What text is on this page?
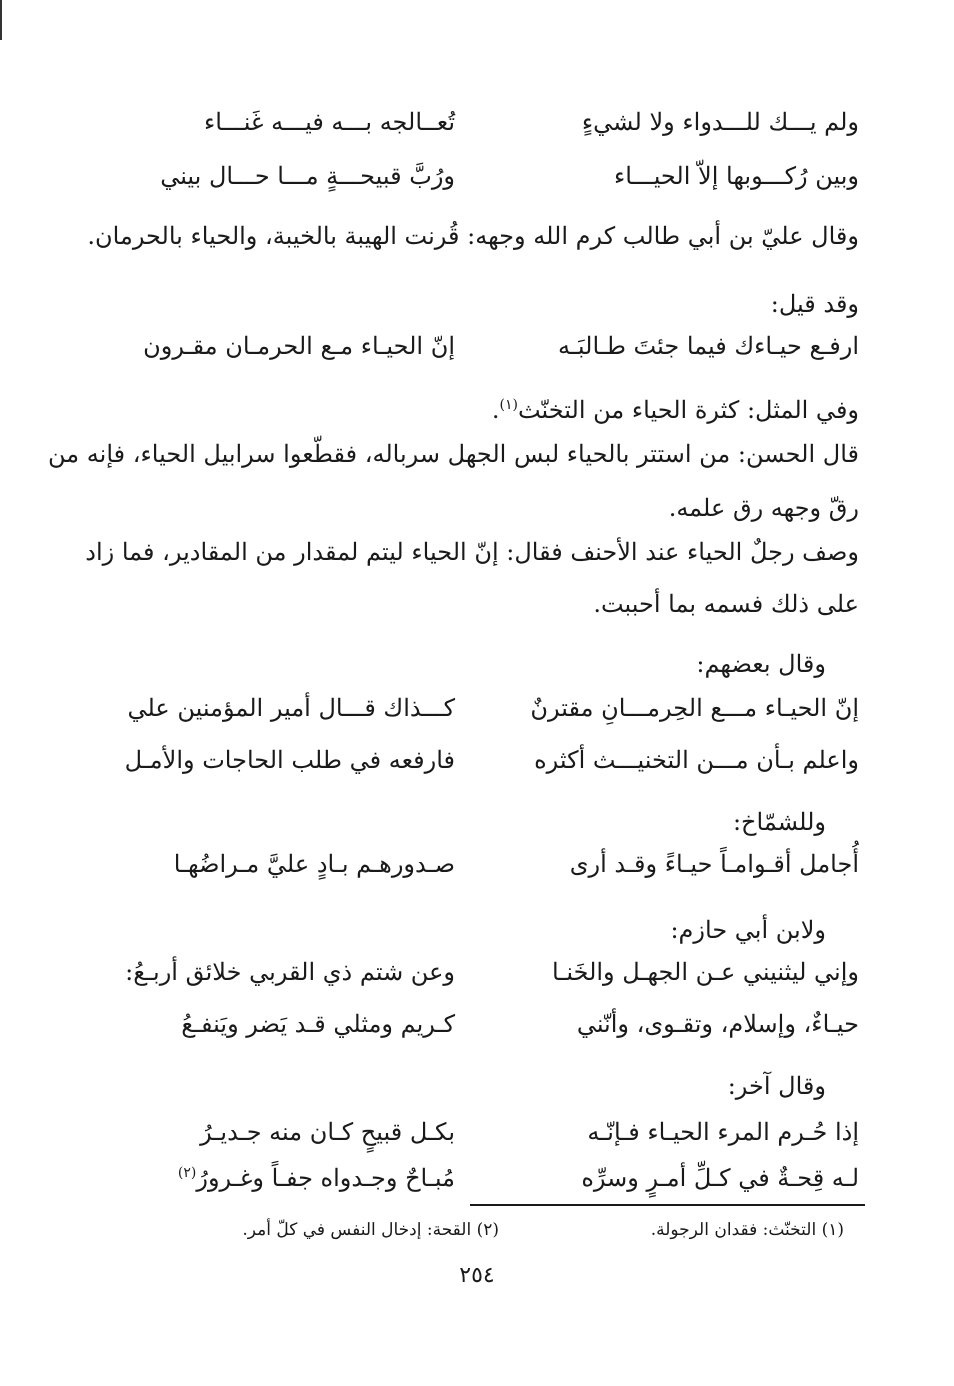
ولم يـــك للـــدواء ولا لشيءٍ
تُعــالجه بـــه فيـــه غَنـــاء
وبين رُكـــوبها إلاّ الحيـــاء
ورُبَّ قبيحـــةٍ مـــا حـــال بيني
وقال عليّ بن أبي طالب كرم الله وجهه: قُرنت الهيبة بالخيبة، والحياء بالحرمان.
وقد قيل:
ارفـع حيـاءك فيما جئتَ طـالبَـه
إنّ الحيـاء مـع الحرمـان مقـرون
وفي المثل: كثرة الحياء من التخنّث$^{(١)}$.
قال الحسن: من استتر بالحياء لبس الجهل سرباله، فقطّعوا سرابيل الحياء، فإنه من
رقّ وجهه رق علمه.
وصف رجلٌ الحياء عند الأحنف فقال: إنّ الحياء ليتم لمقدار من المقادير، فما زاد
على ذلك فسمه بما أحببت.
وقال بعضهم:
إنّ الحيـاء مـــع الحِرمـــانِ مقترنٌ
كـــذاك قـــال أمير المؤمنين علي
واعلم بـأن مـــن التخنيـــث أكثره
فارفعه في طلب الحاجات والأمـل
وللشمّاخ:
أُجامل أقـوامـاً حيـاءً وقـد أرى
صـدورهـم بـادٍ عليَّ مـراضُهـا
ولابن أبي حازم:
وإني ليثنيني عـن الجهـل والخَنـا
وعن شتم ذي القربي خلائق أربـعُ:
حيـاءٌ، وإسلام، وتقـوى، وأنّني
كـريم ومثلي قـد يَضر ويَنفـعُ
وقال آخر:
إذا حُـرم المرء الحيـاء فـإنّـه
بكـل قبيحٍ كـان منه جـديـرُ
لـه قِحـةٌ في كـلِّ أمـرٍ وسرِّه
مُبـاحٌ وجـدواه جفـاً وغـرورُ$^{(٢)}$
(١) التخنّث: فقدان الرجولة.
(٢) القحة: إدخال النفس في كلّ أمر.
٢٥٤
